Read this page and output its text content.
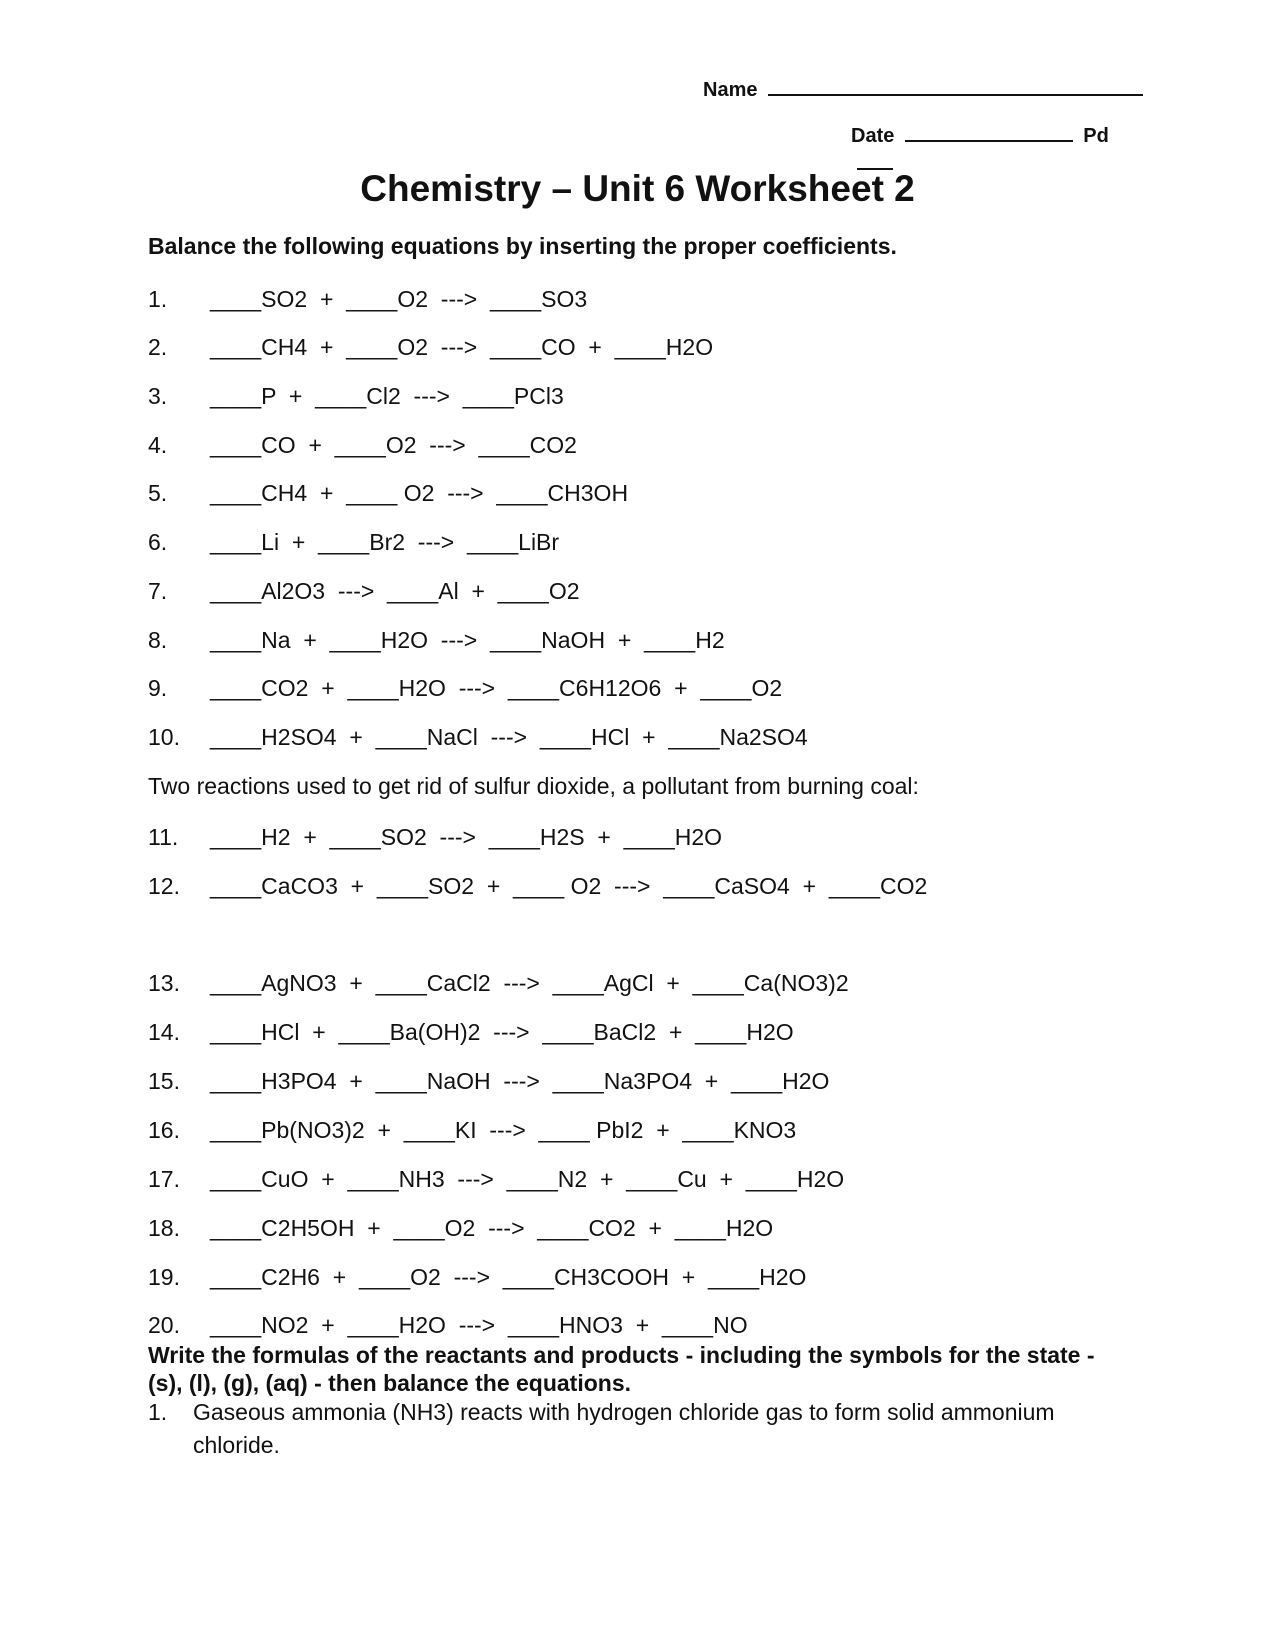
Name
Date	Pd
Chemistry – Unit 6 Worksheet 2
Balance the following equations by inserting the proper coefficients.
1. ____SO2  +  ____O2  --->  ____SO3
2. ____CH4  +  ____O2  --->  ____CO  +  ____H2O
3. ____P  +  ____Cl2  --->  ____PCl3
4. ____CO  +  ____O2  --->  ____CO2
5. ____CH4  +  ____ O2  --->  ____CH3OH
6. ____Li  +  ____Br2  --->  ____LiBr
7. ____Al2O3  --->  ____Al  +  ____O2
8. ____Na  +  ____H2O  --->  ____NaOH  +  ____H2
9. ____CO2  +  ____H2O  --->  ____C6H12O6  +  ____O2
10. ____H2SO4  +  ____NaCl  --->  ____HCl  +  ____Na2SO4
Two reactions used to get rid of sulfur dioxide, a pollutant from burning coal:
11. ____H2  +  ____SO2  --->  ____H2S  +  ____H2O
12. ____CaCO3  +  ____SO2  +  ____ O2  --->  ____CaSO4  +  ____CO2
13. ____AgNO3  +  ____CaCl2  --->  ____AgCl  +  ____Ca(NO3)2
14. ____HCl  +  ____Ba(OH)2  --->  ____BaCl2  +  ____H2O
15. ____H3PO4  +  ____NaOH  --->  ____Na3PO4  +  ____H2O
16. ____Pb(NO3)2  +  ____KI  --->  ____ PbI2  +  ____KNO3
17. ____CuO  +  ____NH3  --->  ____N2  +  ____Cu  +  ____H2O
18. ____C2H5OH  +  ____O2  --->  ____CO2  +  ____H2O
19. ____C2H6  +  ____O2  --->  ____CH3COOH  +  ____H2O
20. ____NO2  +  ____H2O  --->  ____HNO3  +  ____NO
Write the formulas of the reactants and products - including the symbols for the state - (s), (l), (g), (aq) - then balance the equations.
1. Gaseous ammonia (NH3) reacts with hydrogen chloride gas to form solid ammonium chloride.
